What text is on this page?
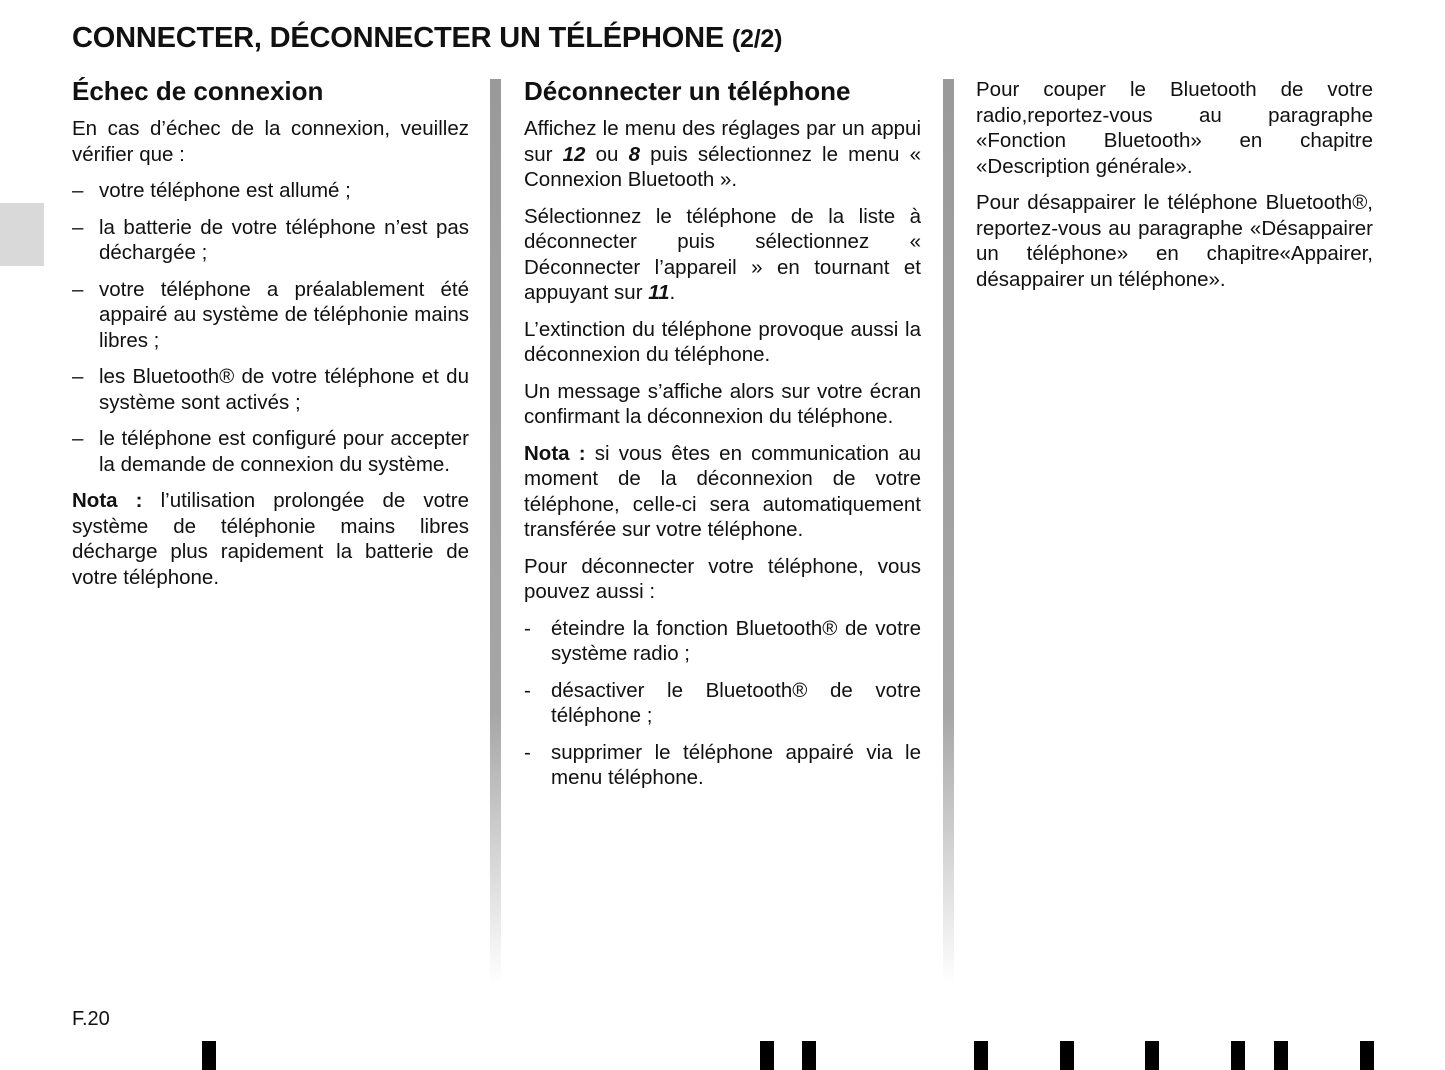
CONNECTER, DÉCONNECTER UN TÉLÉPHONE (2/2)
Échec de connexion

En cas d’échec de la connexion, veuillez vérifier que :

– votre téléphone est allumé ;
– la batterie de votre téléphone n’est pas déchargée ;
– votre téléphone a préalablement été appairé au système de téléphonie mains libres ;
– les Bluetooth® de votre téléphone et du système sont activés ;
– le téléphone est configuré pour accepter la demande de connexion du système.

Nota : l’utilisation prolongée de votre système de téléphonie mains libres décharge plus rapidement la batterie de votre téléphone.

Déconnecter un téléphone

Affichez le menu des réglages par un appui sur 12 ou 8 puis sélectionnez le menu « Connexion Bluetooth ».

Sélectionnez le téléphone de la liste à déconnecter puis sélectionnez « Déconnecter l’appareil » en tournant et appuyant sur 11.

L’extinction du téléphone provoque aussi la déconnexion du téléphone.

Un message s’affiche alors sur votre écran confirmant la déconnexion du téléphone.

Nota : si vous êtes en communication au moment de la déconnexion de votre téléphone, celle-ci sera automatiquement transférée sur votre téléphone.

Pour déconnecter votre téléphone, vous pouvez aussi :

- éteindre la fonction Bluetooth® de votre système radio ;
- désactiver le Bluetooth® de votre téléphone ;
- supprimer le téléphone appairé via le menu téléphone.

Pour couper le Bluetooth de votre radio,reportez-vous au paragraphe «Fonction Bluetooth» en chapitre «Description générale».

Pour désappairer le téléphone Bluetooth®, reportez-vous au paragraphe «Désappairer un téléphone» en chapitre«Appairer, désappairer un téléphone».

F.20
